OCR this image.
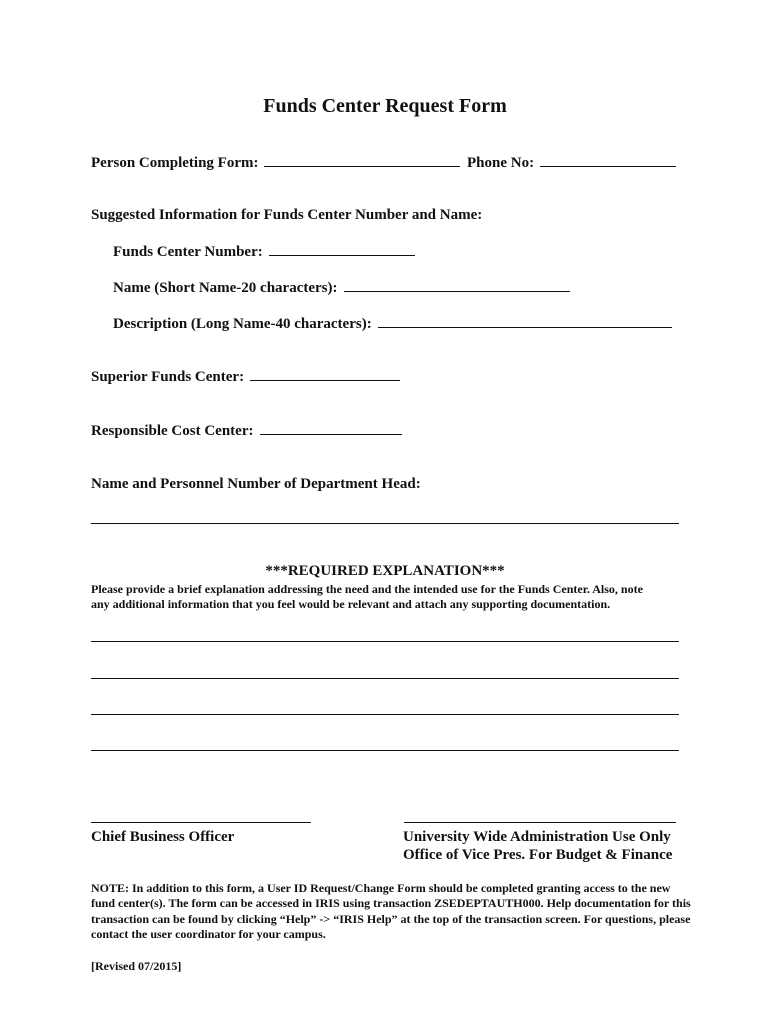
Funds Center Request Form
Person Completing Form:	Phone No:
Suggested Information for Funds Center Number and Name:
Funds Center Number:
Name (Short Name-20 characters):
Description (Long Name-40 characters):
Superior Funds Center:
Responsible Cost Center:
Name and Personnel Number of Department Head:
***REQUIRED EXPLANATION***
Please provide a brief explanation addressing the need and the intended use for the Funds Center. Also, note
any additional information that you feel would be relevant and attach any supporting documentation.
Chief Business Officer	University Wide Administration Use Only
Office of Vice Pres. For Budget & Finance
NOTE: In addition to this form, a User ID Request/Change Form should be completed granting access to the new fund center(s). The form can be accessed in IRIS using transaction ZSEDEPTAUTH000. Help documentation for this transaction can be found by clicking “Help” -> “IRIS Help” at the top of the transaction screen. For questions, please contact the user coordinator for your campus.
[Revised 07/2015]
